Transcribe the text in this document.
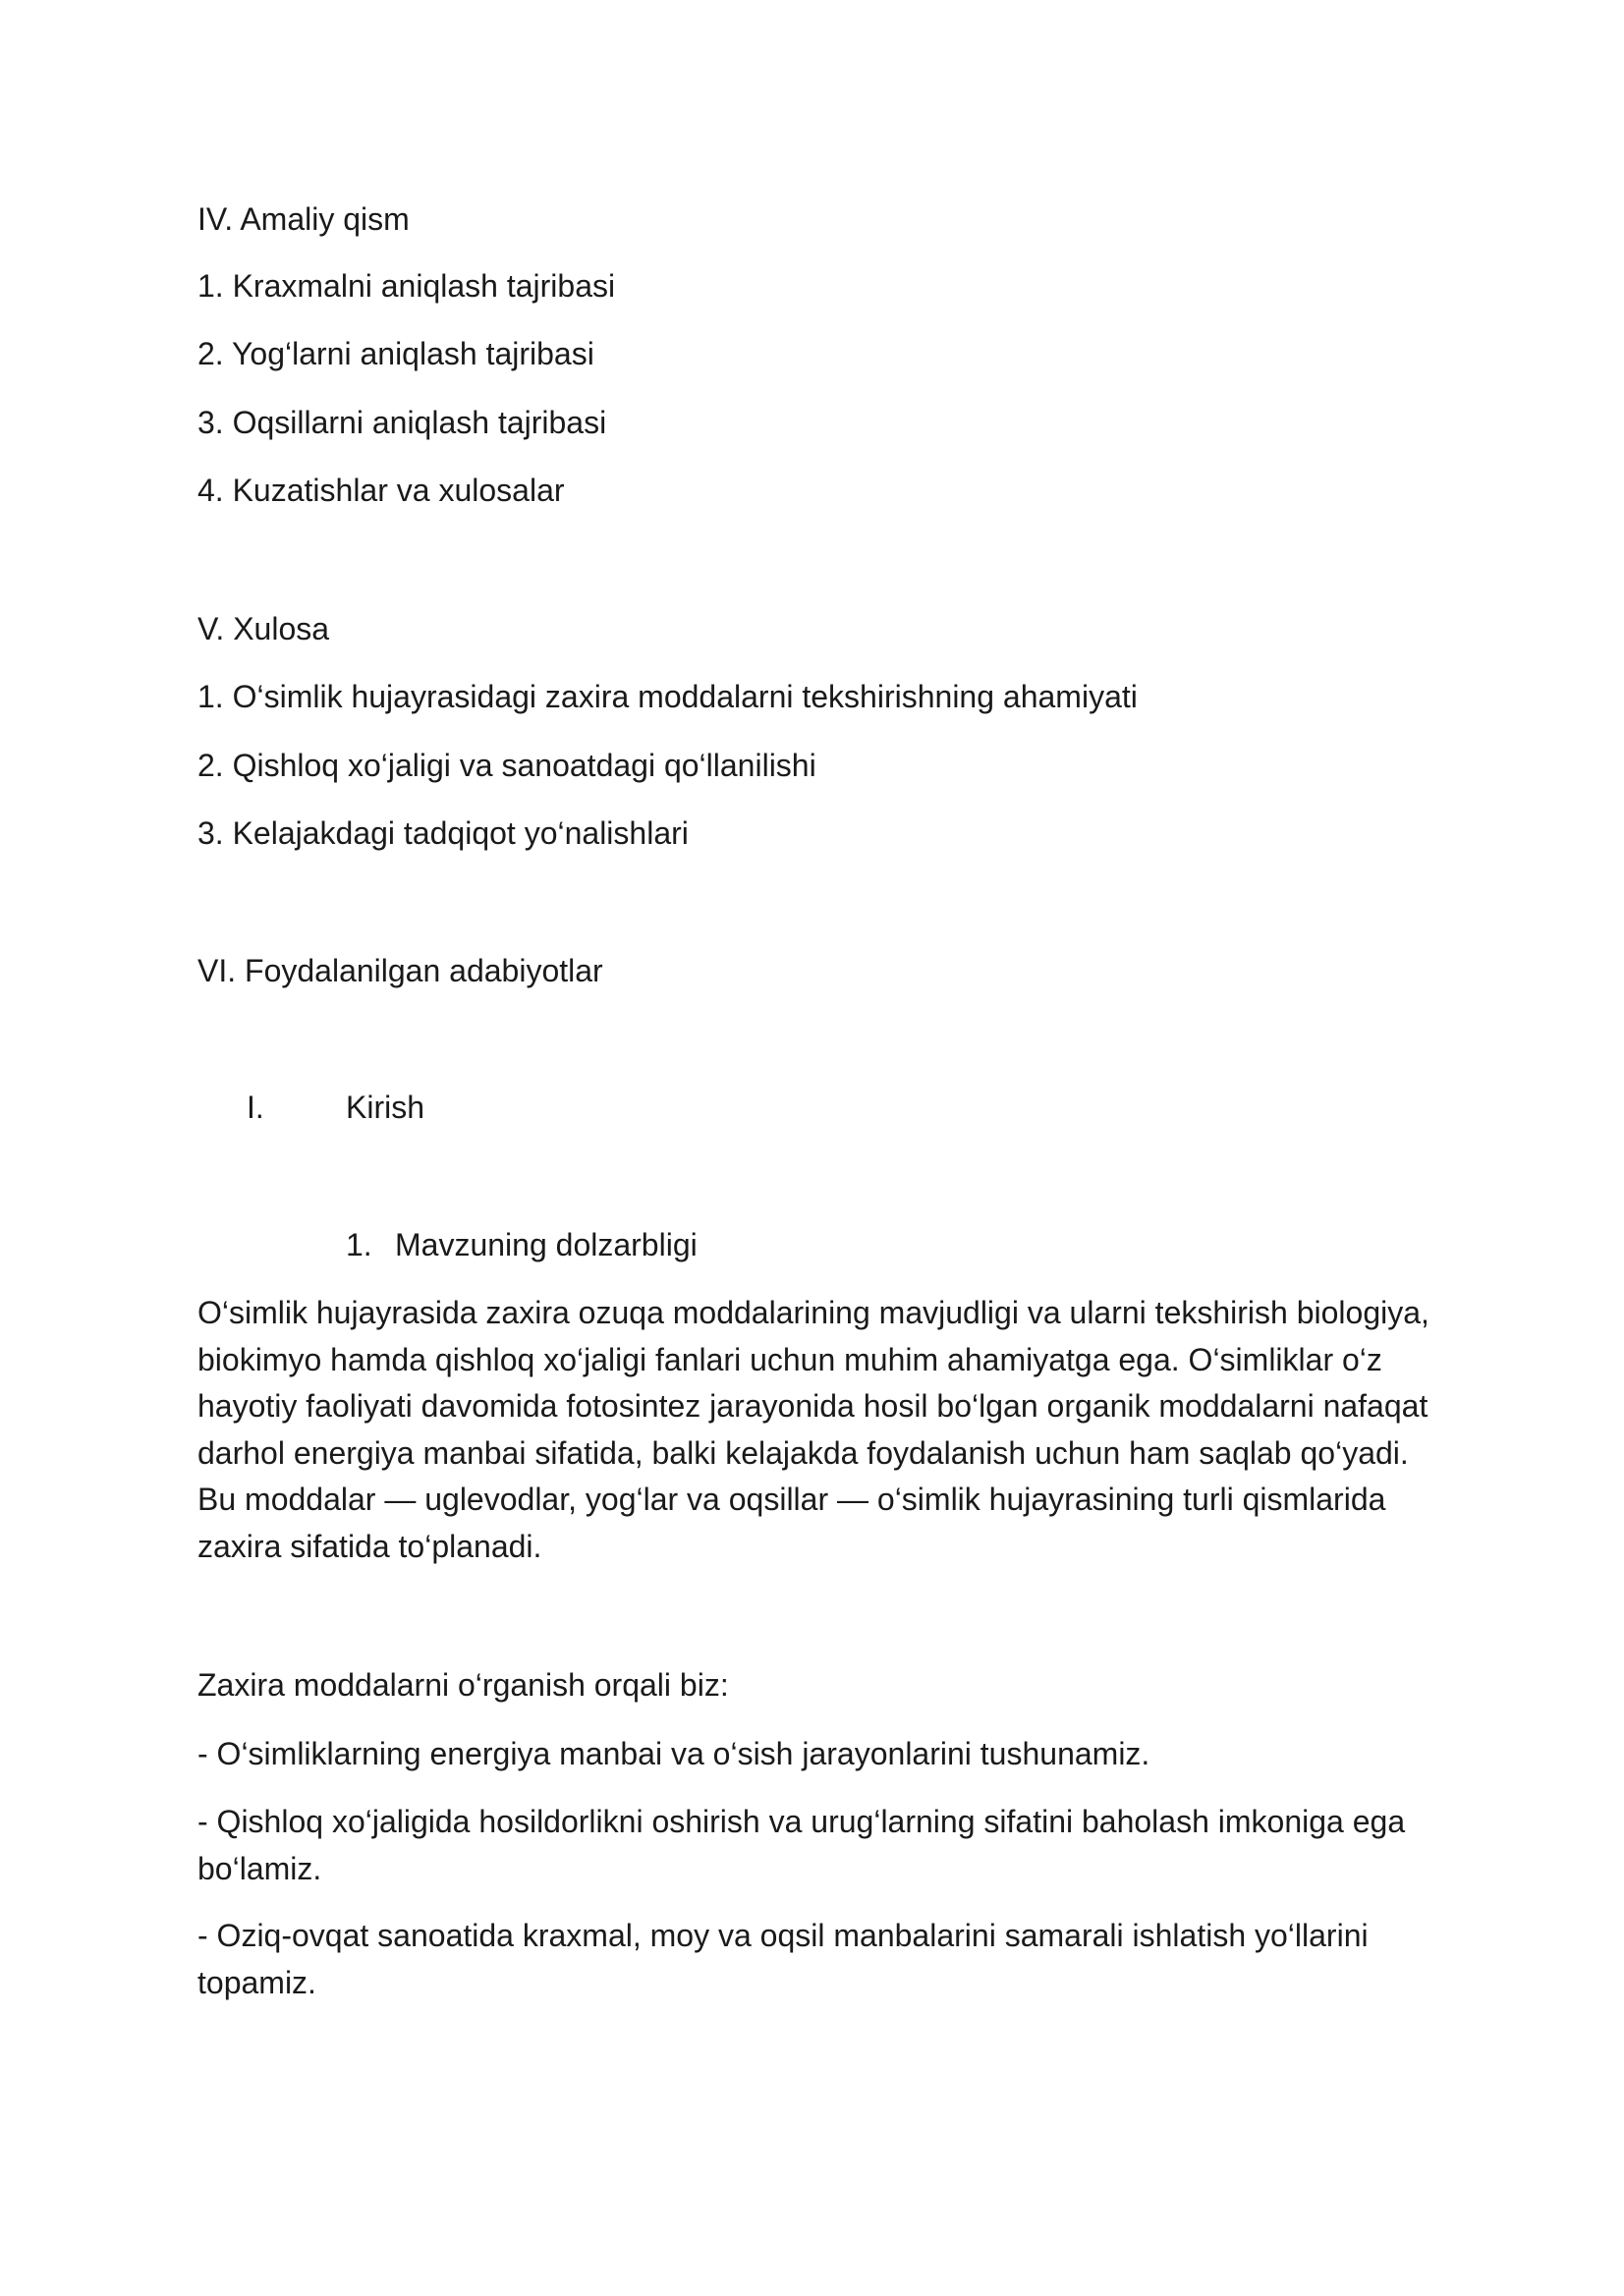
IV. Amaliy qism

1. Kraxmalni aniqlash tajribasi

2. Yog‘larni aniqlash tajribasi

3. Oqsillarni aniqlash tajribasi

4. Kuzatishlar va xulosalar

V. Xulosa

1. O‘simlik hujayrasidagi zaxira moddalarni tekshirishning ahamiyati

2. Qishloq xo‘jaligi va sanoatdagi qo‘llanilishi

3. Kelajakdagi tadqiqot yo‘nalishlari

VI. Foydalanilgan adabiyotlar

I.	Kirish
1. Mavzuning dolzarbligi

O‘simlik hujayrasida zaxira ozuqa moddalarining mavjudligi va ularni tekshirish biologiya, biokimyo hamda qishloq xo‘jaligi fanlari uchun muhim ahamiyatga ega. O‘simliklar o‘z hayotiy faoliyati davomida fotosintez jarayonida hosil bo‘lgan organik moddalarni nafaqat darhol energiya manbai sifatida, balki kelajakda foydalanish uchun ham saqlab qo‘yadi. Bu moddalar — uglevodlar, yog‘lar va oqsillar — o‘simlik hujayrasining turli qismlarida zaxira sifatida to‘planadi.

Zaxira moddalarni o‘rganish orqali biz:

- O‘simliklarning energiya manbai va o‘sish jarayonlarini tushunamiz.

- Qishloq xo‘jaligida hosildorlikni oshirish va urug‘larning sifatini baholash imkoniga ega bo‘lamiz.

- Oziq-ovqat sanoatida kraxmal, moy va oqsil manbalarini samarali ishlatish yo‘llarini topamiz.
